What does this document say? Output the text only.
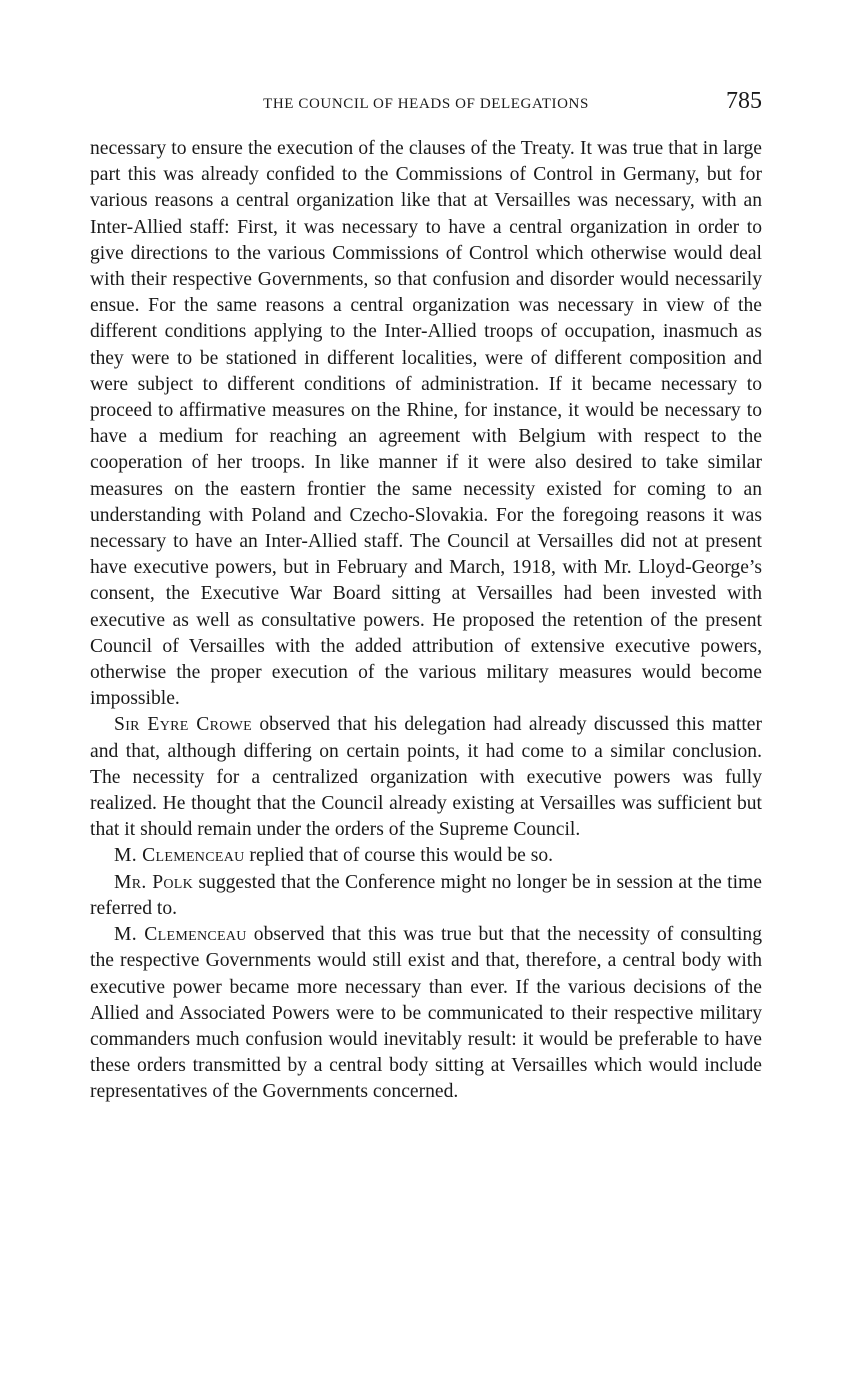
THE COUNCIL OF HEADS OF DELEGATIONS	785

necessary to ensure the execution of the clauses of the Treaty. It was true that in large part this was already confided to the Commissions of Control in Germany, but for various reasons a central organization like that at Versailles was necessary, with an Inter-Allied staff: First, it was necessary to have a central organization in order to give directions to the various Commissions of Control which otherwise would deal with their respective Governments, so that confusion and disorder would necessarily ensue. For the same reasons a central organization was necessary in view of the different conditions applying to the Inter-Allied troops of occupation, inasmuch as they were to be stationed in different localities, were of different composition and were subject to different conditions of administration. If it became necessary to proceed to affirmative measures on the Rhine, for instance, it would be necessary to have a medium for reaching an agreement with Belgium with respect to the cooperation of her troops. In like manner if it were also desired to take similar measures on the eastern frontier the same necessity existed for coming to an understanding with Poland and Czecho-Slovakia. For the foregoing reasons it was necessary to have an Inter-Allied staff. The Council at Versailles did not at present have executive powers, but in February and March, 1918, with Mr. Lloyd-George’s consent, the Executive War Board sitting at Versailles had been invested with executive as well as consultative powers. He proposed the retention of the present Council of Versailles with the added attribution of extensive executive powers, otherwise the proper execution of the various military measures would become impossible.

Sir Eyre Crowe observed that his delegation had already discussed this matter and that, although differing on certain points, it had come to a similar conclusion. The necessity for a centralized organization with executive powers was fully realized. He thought that the Council already existing at Versailles was sufficient but that it should remain under the orders of the Supreme Council.

M. Clemenceau replied that of course this would be so.

Mr. Polk suggested that the Conference might no longer be in session at the time referred to.

M. Clemenceau observed that this was true but that the necessity of consulting the respective Governments would still exist and that, therefore, a central body with executive power became more necessary than ever. If the various decisions of the Allied and Associated Powers were to be communicated to their respective military commanders much confusion would inevitably result: it would be preferable to have these orders transmitted by a central body sitting at Versailles which would include representatives of the Governments concerned.
